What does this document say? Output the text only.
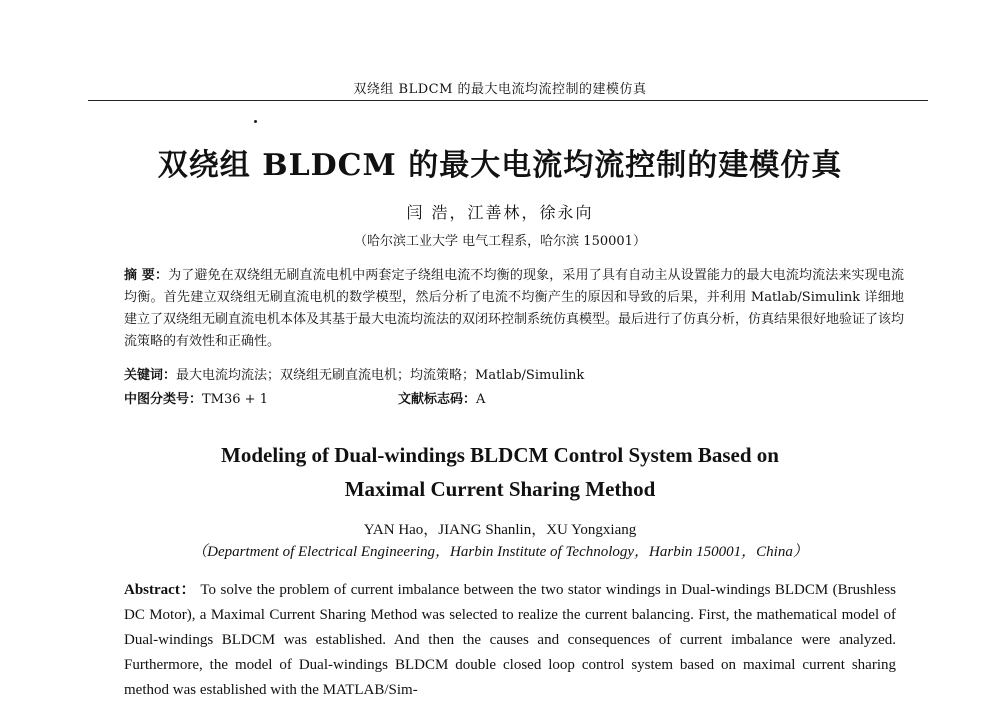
双绕组 BLDCM 的最大电流均流控制的建模仿真
双绕组 BLDCM 的最大电流均流控制的建模仿真
闫 浩，江善林，徐永向
（哈尔滨工业大学 电气工程系，哈尔滨 150001）
摘 要：为了避免在双绕组无刷直流电机中两套定子绕组电流不均衡的现象，采用了具有自动主从设置能力的最大电流均流法来实现电流均衡。首先建立双绕组无刷直流电机的数学模型，然后分析了电流不均衡产生的原因和导致的后果，并利用 Matlab/Simulink 详细地建立了双绕组无刷直流电机本体及其基于最大电流均流法的双闭环控制系统仿真模型。最后进行了仿真分析，仿真结果很好地验证了该均流策略的有效性和正确性。
关键词：最大电流均流法；双绕组无刷直流电机；均流策略；Matlab/Simulink
中图分类号：TM36 + 1	文献标志码：A
Modeling of Dual-windings BLDCM Control System Based on
Maximal Current Sharing Method
YAN Hao，JIANG Shanlin，XU Yongxiang
（Department of Electrical Engineering，Harbin Institute of Technology，Harbin 150001，China）
Abstract： To solve the problem of current imbalance between the two stator windings in Dual-windings BLDCM (Brushless DC Motor), a Maximal Current Sharing Method was selected to realize the current balancing. First, the mathematical model of Dual-windings BLDCM was established. And then the causes and consequences of current imbalance were analyzed. Furthermore, the model of Dual-windings BLDCM double closed loop control system based on maximal current sharing method was established with the MATLAB/Sim-
